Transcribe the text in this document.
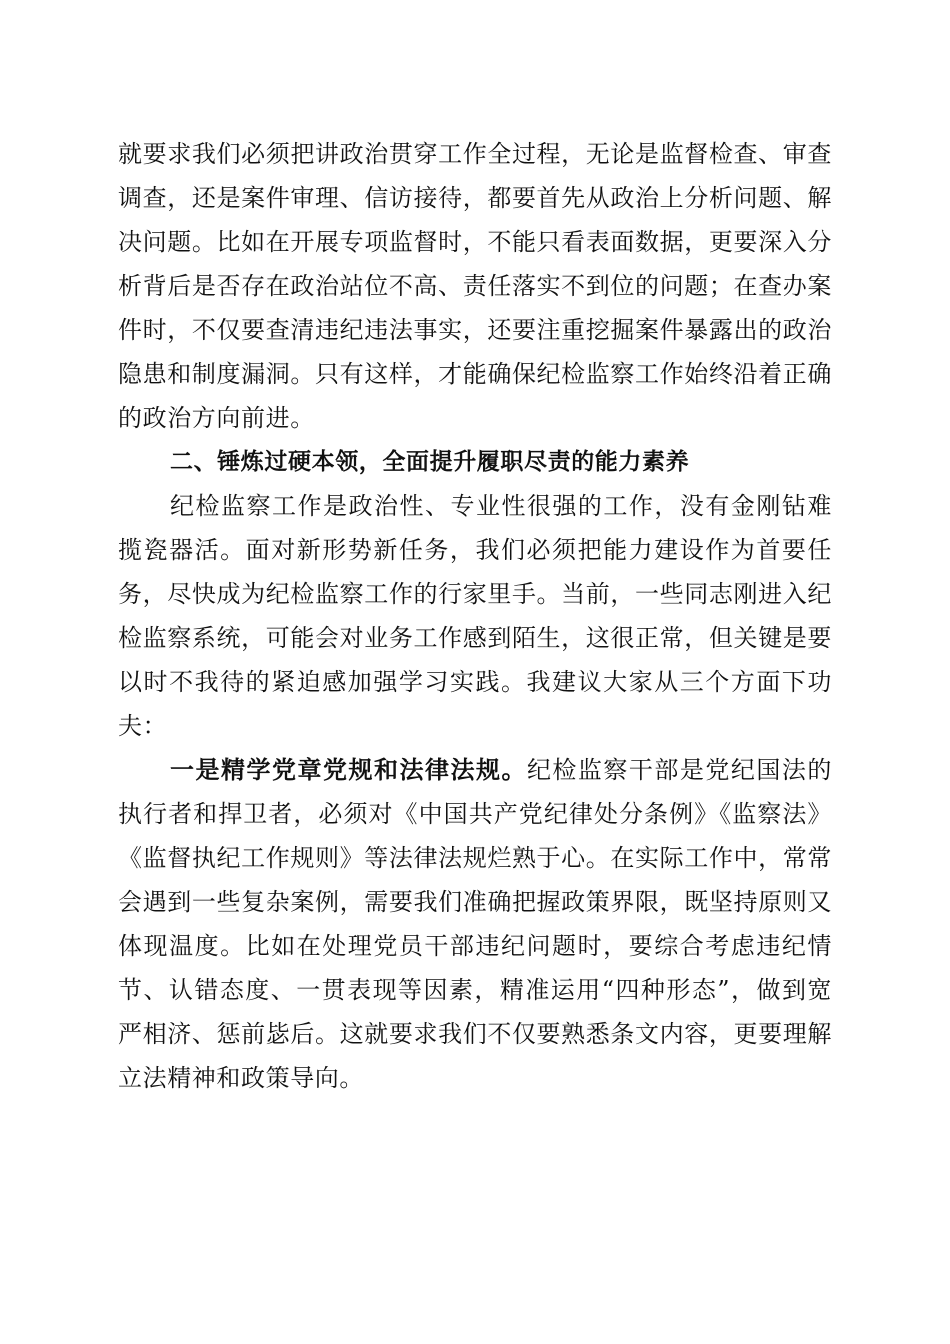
就要求我们必须把讲政治贯穿工作全过程，无论是监督检查、审查调查，还是案件审理、信访接待，都要首先从政治上分析问题、解决问题。比如在开展专项监督时，不能只看表面数据，更要深入分析背后是否存在政治站位不高、责任落实不到位的问题；在查办案件时，不仅要查清违纪违法事实，还要注重挖掘案件暴露出的政治隐患和制度漏洞。只有这样，才能确保纪检监察工作始终沿着正确的政治方向前进。

二、锤炼过硬本领，全面提升履职尽责的能力素养

纪检监察工作是政治性、专业性很强的工作，没有金刚钻难揽瓷器活。面对新形势新任务，我们必须把能力建设作为首要任务，尽快成为纪检监察工作的行家里手。当前，一些同志刚进入纪检监察系统，可能会对业务工作感到陌生，这很正常，但关键是要以时不我待的紧迫感加强学习实践。我建议大家从三个方面下功夫：

一是精学党章党规和法律法规。纪检监察干部是党纪国法的执行者和捍卫者，必须对《中国共产党纪律处分条例》《监察法》《监督执纪工作规则》等法律法规烂熟于心。在实际工作中，常常会遇到一些复杂案例，需要我们准确把握政策界限，既坚持原则又体现温度。比如在处理党员干部违纪问题时，要综合考虑违纪情节、认错态度、一贯表现等因素，精准运用“四种形态”，做到宽严相济、惩前毖后。这就要求我们不仅要熟悉条文内容，更要理解立法精神和政策导向。
